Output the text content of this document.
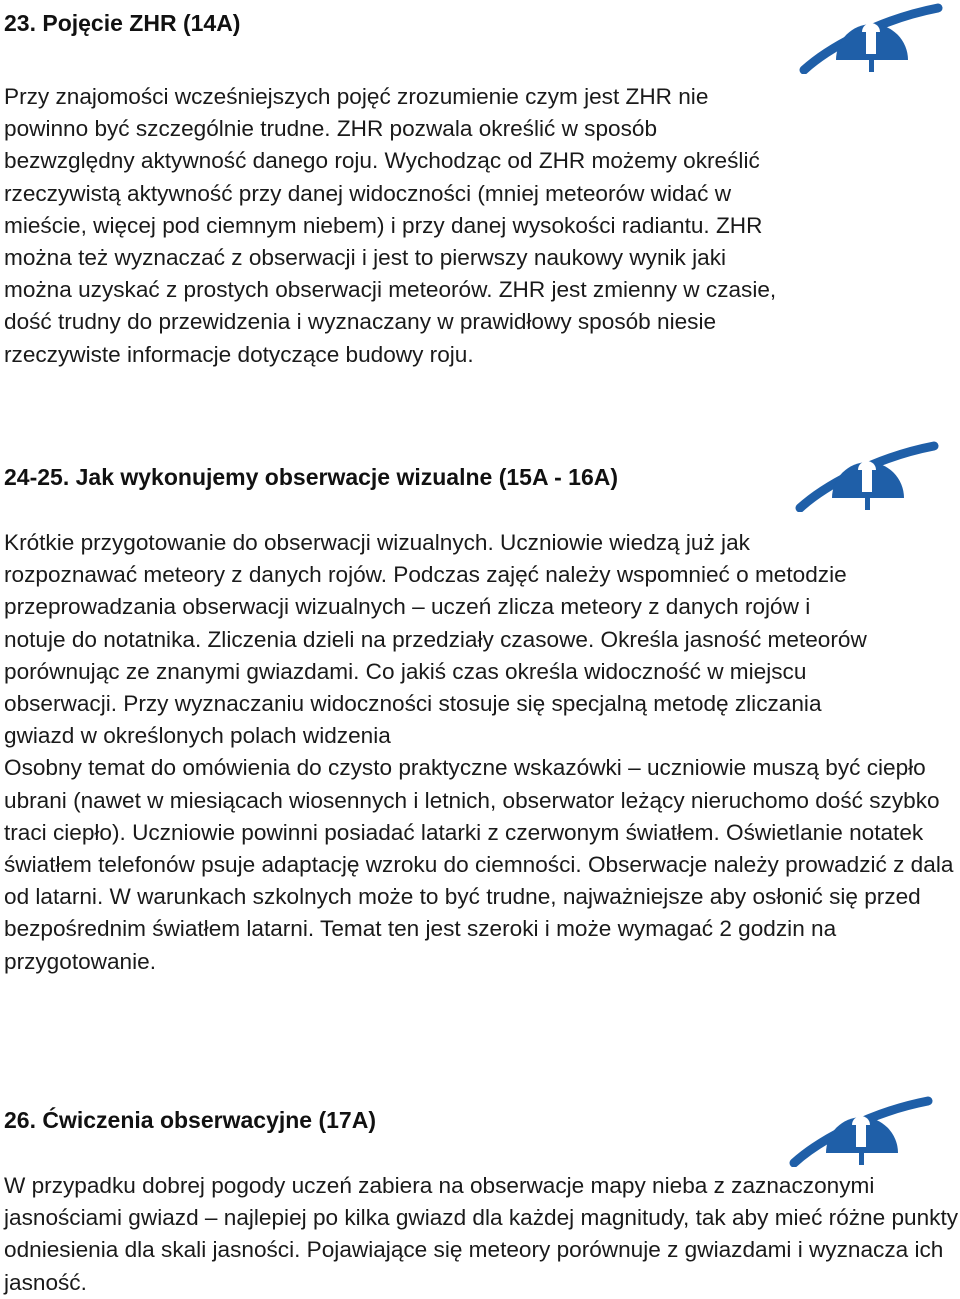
23. Pojęcie ZHR (14A)

Przy znajomości wcześniejszych pojęć zrozumienie czym jest ZHR nie powinno być szczególnie trudne. ZHR pozwala określić w sposób bezwzględny aktywność danego roju. Wychodząc od ZHR możemy określić rzeczywistą aktywność przy danej widoczności (mniej meteorów widać w mieście, więcej pod ciemnym niebem) i przy danej wysokości radiantu. ZHR można też wyznaczać z obserwacji i jest to pierwszy naukowy wynik jaki można uzyskać z prostych obserwacji meteorów. ZHR jest zmienny w czasie, dość trudny do przewidzenia i wyznaczany w prawidłowy sposób niesie rzeczywiste informacje dotyczące budowy roju.

24-25. Jak wykonujemy obserwacje wizualne (15A - 16A)

Krótkie przygotowanie do obserwacji wizualnych. Uczniowie wiedzą już jak rozpoznawać meteory z danych rojów. Podczas zajęć należy wspomnieć o metodzie przeprowadzania obserwacji wizualnych – uczeń zlicza meteory z danych rojów i notuje do notatnika. Zliczenia dzieli na przedziały czasowe. Określa jasność meteorów porównując ze znanymi gwiazdami. Co jakiś czas określa widoczność w miejscu obserwacji. Przy wyznaczaniu widoczności stosuje się specjalną metodę zliczania gwiazd w określonych polach widzenia

Osobny temat do omówienia do czysto praktyczne wskazówki – uczniowie muszą być ciepło ubrani (nawet w miesiącach wiosennych i letnich, obserwator leżący nieruchomo dość szybko traci ciepło). Uczniowie powinni posiadać latarki z czerwonym światłem. Oświetlanie notatek światłem telefonów psuje adaptację wzroku do ciemności. Obserwacje należy prowadzić z dala od latarni. W warunkach szkolnych może to być trudne, najważniejsze aby osłonić się przed bezpośrednim światłem latarni. Temat ten jest szeroki i może wymagać 2 godzin na przygotowanie.

26. Ćwiczenia obserwacyjne (17A)

W przypadku dobrej pogody uczeń zabiera na obserwacje mapy nieba z zaznaczonymi jasnościami gwiazd – najlepiej po kilka gwiazd dla każdej magnitudy, tak aby mieć różne punkty odniesienia dla skali jasności. Pojawiające się meteory porównuje z gwiazdami i wyznacza ich jasność.
